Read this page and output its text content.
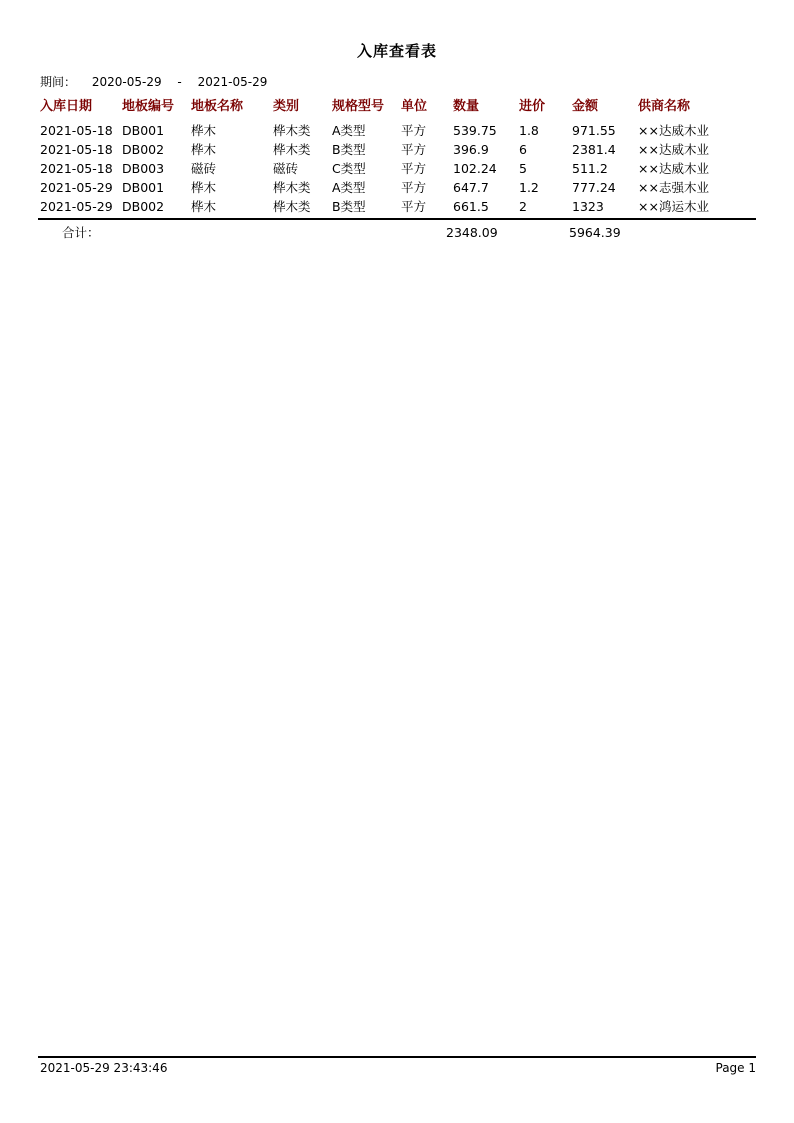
入库查看表
期间： 2020-05-29 - 2021-05-29
入库日期 地板编号 地板名称 类别	规格型号 单位 数量	进价 金额	供商名称
2021-05-18 DB001 桦木	桦木类 A类型	平方 539.75 1.8	971.55 ××达威木业
2021-05-18 DB002 桦木	桦木类 B类型	平方 396.9 6	2381.4 ××达威木业
2021-05-18 DB003 磁砖	磁砖	C类型	平方 102.24 5	511.2 ××达威木业
2021-05-29 DB001 桦木	桦木类 A类型	平方 647.7 1.2	777.24 ××志强木业
2021-05-29 DB002 桦木	桦木类 B类型	平方 661.5 2	1323	××鸿运木业
合计：	2348.09	5964.39
2021-05-29 23:43:46	Page 1
